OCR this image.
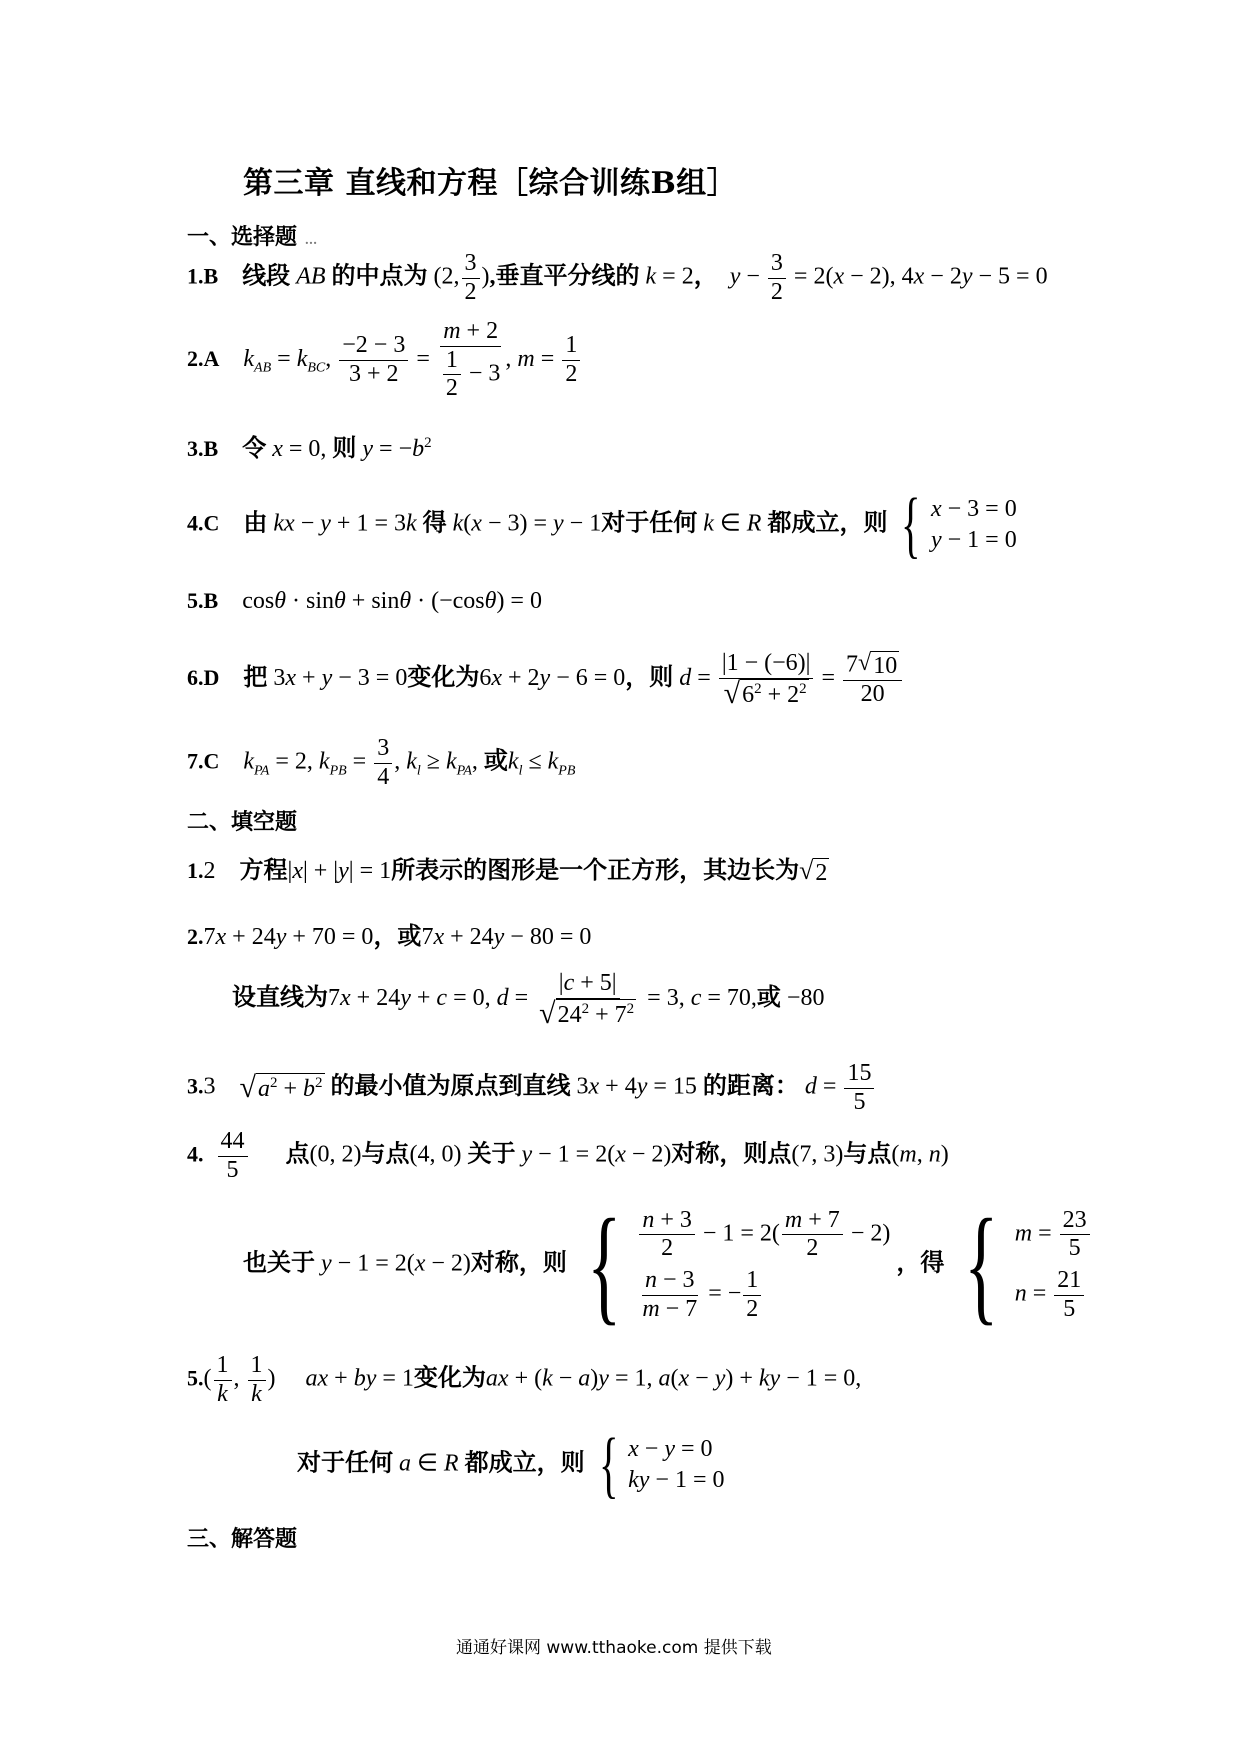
第三章 直线和方程［综合训练B组］
一、选择题 ...
1.B 线段 AB 的中点为 (2, $\frac{3}{2}$ ),垂直平分线的 k = 2， $y - \frac{3}{2} = 2(x - 2)$, 4x − 2y − 5 = 0
2.A $k_{AB} = k_{BC}$, $\frac{-2 - 3}{3 + 2} = \frac{m + 2}{\frac{1}{2} - 3}$ , $m = \frac{1}{2}$
3.B 令 x = 0, 则 $y = -b^2$
4.C 由 kx − y + 1 = 3k 得 k(x − 3) = y − 1对于任何 k ∈ R 都成立，则 { x − 3 = 0
y − 1 = 0
5.B    cosθ · sinθ + sinθ · (−cosθ) = 0
6.D 把 3x + y − 3 = 0变化为6x + 2y − 6 = 0，则 $d = \frac{|1 - (-6)|}{√ 6^2 + 2^2} = \frac{7 √ 10}{20}$
7.C $k_{PA} = 2$, $k_{PB} = \frac{3}{4}$ , $k_l \ge k_{PA}$, 或$k_l \le k_{PB}$
二、填空题
1.2 方程|x| + |y| = 1所表示的图形是一个正方形，其边长为 √ 2
2.7x + 24y + 70 = 0，或7x + 24y − 80 = 0
设直线为7x + 24y + c = 0, $d = \frac{|c + 5|}{√ 24^2 + 7^2} = 3$, c = 70,或 −80
3.3 √ $a^2 + b^2$ 的最小值为原点到直线 3x + 4y = 15 的距离： $d = \frac{15}{5}$
4. $\frac{44}{5}$ 点(0, 2)与点(4, 0) 关于 y − 1 = 2(x − 2)对称，则点(7, 3)与点(m, n)
也关于 y − 1 = 2(x − 2)对称，则 { $\frac{n + 3}{2} - 1 = 2( \frac{m + 7}{2} - 2)$
$\frac{n - 3}{m - 7}$ = − $\frac{1}{2}$
，得 { $m = \frac{23}{5}$
$n = \frac{21}{5}$
$5.( \frac{1}{k}$ , $\frac{1}{k}$ )     ax + by = 1变化为ax + (k − a)y = 1, a(x − y) + ky − 1 = 0,
对于任何 a ∈ R 都成立，则 { x − y = 0
ky − 1 = 0
三、解答题
通通好课网 www.tthaoke.com 提供下载
